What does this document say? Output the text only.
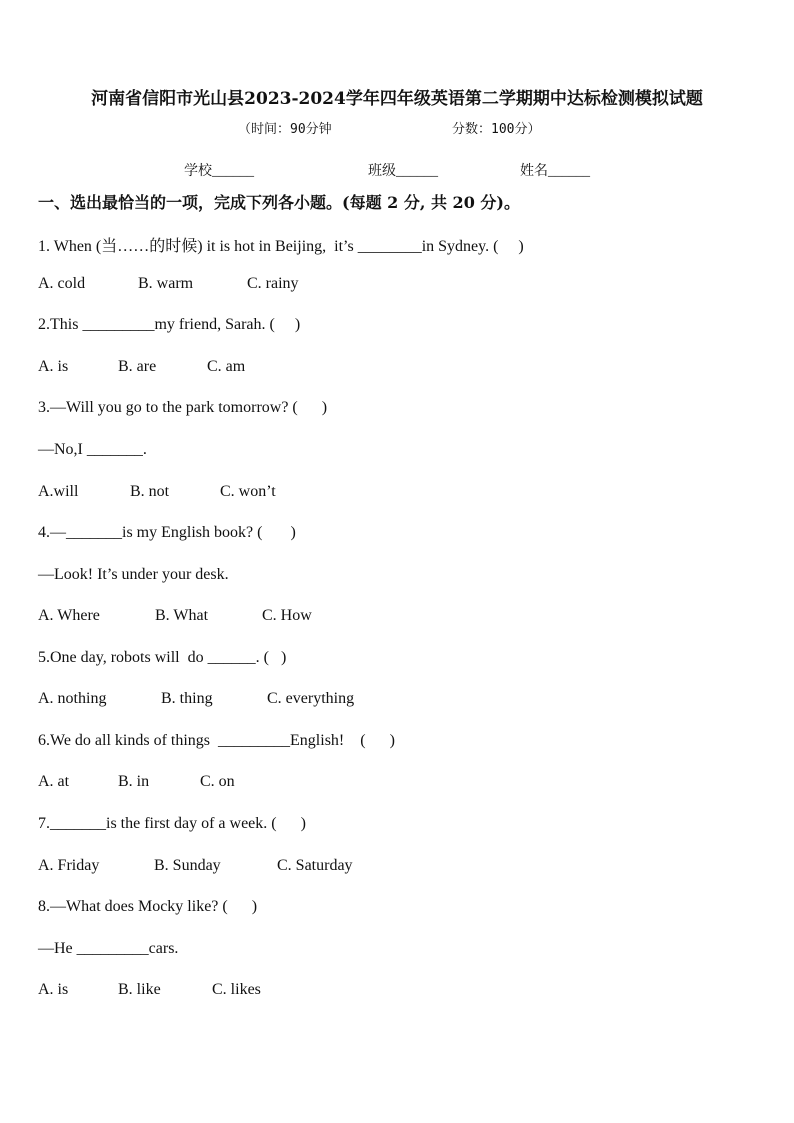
河南省信阳市光山县2023-2024学年四年级英语第二学期期中达标检测模拟试题
（时间：90分钟	分数：100分）
学校______	班级______	姓名______
一、选出最恰当的一项，完成下列各小题。(每题 2 分, 共 20 分)。
1. When (当……的时候) it is hot in Beijing,  it’s ________in Sydney. (     )
A. cold	B. warm	C. rainy
2.This _________my friend, Sarah. (     )
A. is	B. are	C. am
3.—Will you go to the park tomorrow? (      )
—No,I _______.
A.will	B. not	C. won’t
4.—_______is my English book? (       )
—Look! It’s under your desk.
A. Where	B. What	C. How
5.One day, robots will  do ______. (   )
A. nothing	B. thing	C. everything
6.We do all kinds of things  _________English!    (      )
A. at	B. in	C. on
7._______is the first day of a week. (      )
A. Friday	B. Sunday	C. Saturday
8.—What does Mocky like? (      )
—He _________cars.
A. is	B. like	C. likes
